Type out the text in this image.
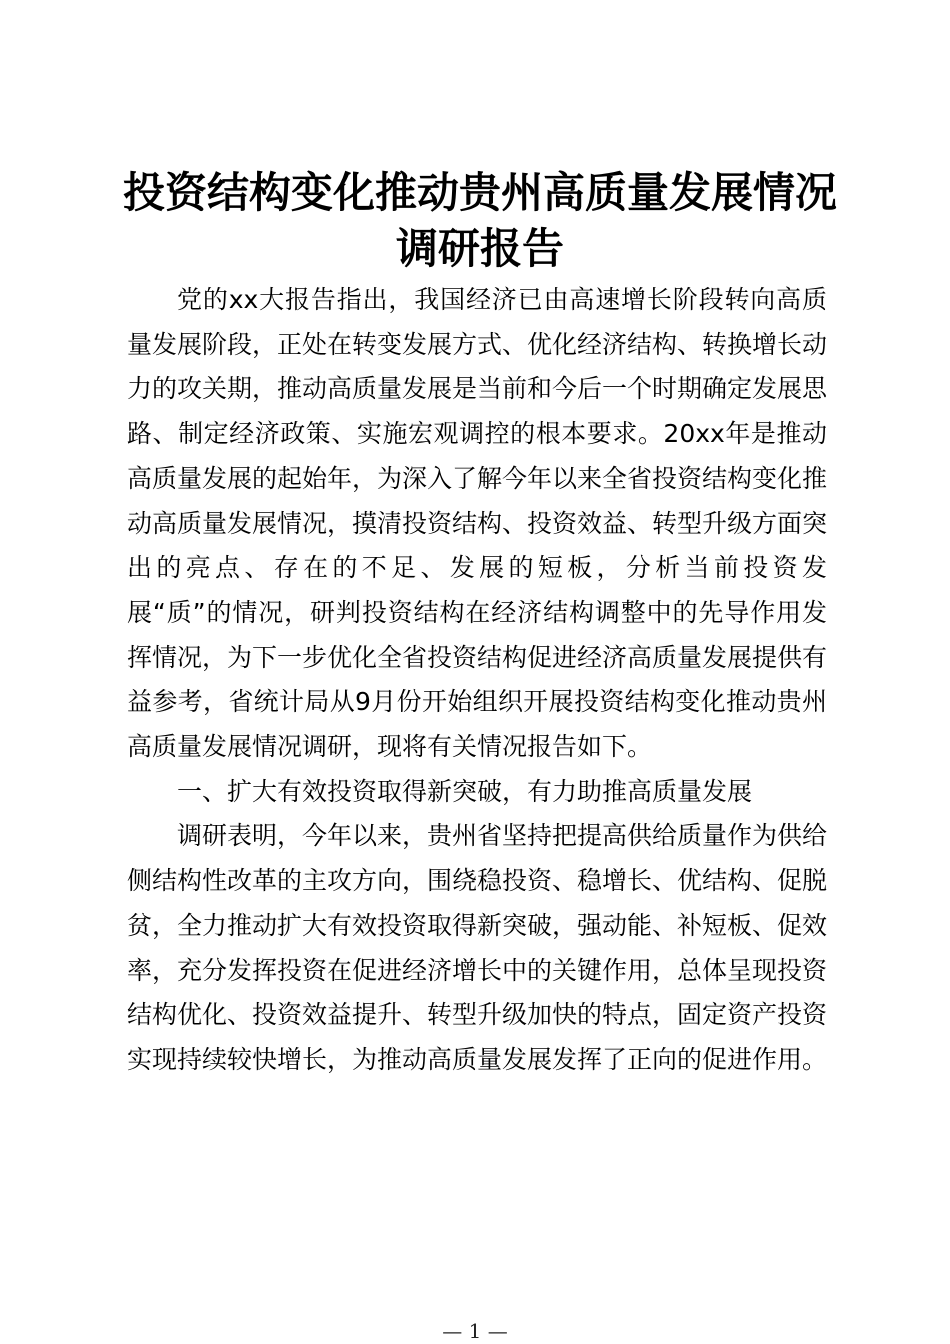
投资结构变化推动贵州高质量发展情况
调研报告

党的xx大报告指出，我国经济已由高速增长阶段转向高质量发展阶段，正处在转变发展方式、优化经济结构、转换增长动力的攻关期，推动高质量发展是当前和今后一个时期确定发展思路、制定经济政策、实施宏观调控的根本要求。20xx年是推动高质量发展的起始年，为深入了解今年以来全省投资结构变化推动高质量发展情况，摸清投资结构、投资效益、转型升级方面突出的亮点、存在的不足、发展的短板，分析当前投资发展“质”的情况，研判投资结构在经济结构调整中的先导作用发挥情况，为下一步优化全省投资结构促进经济高质量发展提供有益参考，省统计局从9月份开始组织开展投资结构变化推动贵州高质量发展情况调研，现将有关情况报告如下。

一、扩大有效投资取得新突破，有力助推高质量发展

调研表明，今年以来，贵州省坚持把提高供给质量作为供给侧结构性改革的主攻方向，围绕稳投资、稳增长、优结构、促脱贫，全力推动扩大有效投资取得新突破，强动能、补短板、促效率，充分发挥投资在促进经济增长中的关键作用，总体呈现投资结构优化、投资效益提升、转型升级加快的特点，固定资产投资实现持续较快增长，为推动高质量发展发挥了正向的促进作用。

— 1 —
